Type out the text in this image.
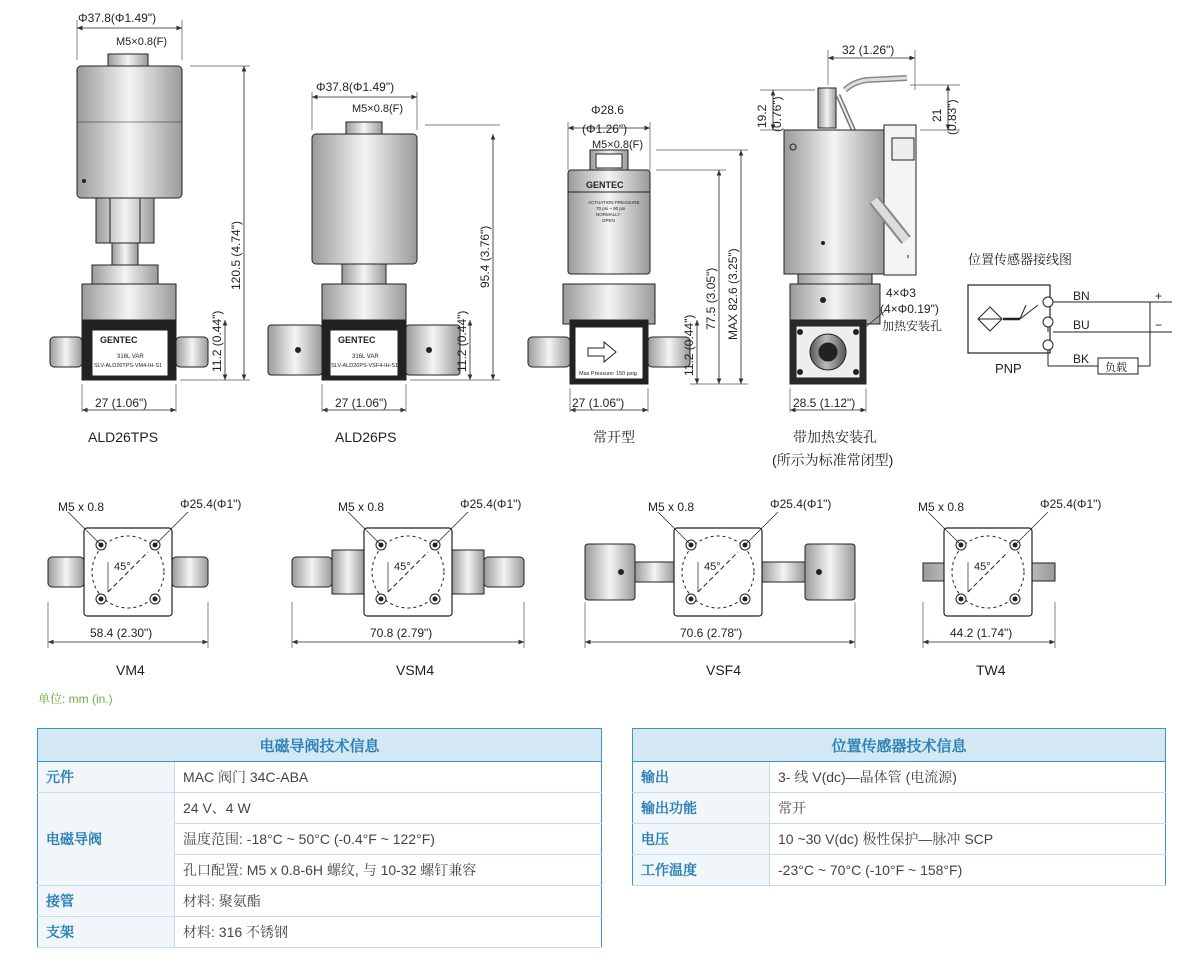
Φ37.8(Φ1.49")
M5×0.8(F)
GENTEC
316L VAR
SLV-ALD26TPS-VM4-IH-S1
120.5 (4.74")
11.2 (0.44")
27 (1.06")
ALD26TPS
Φ37.8(Φ1.49")
M5×0.8(F)
GENTEC
316L VAR
SLV-ALD26PS-VSF4-IH-S1
95.4 (3.76")
11.2 (0.44")
27 (1.06")
ALD26PS
Φ28.6
(Φ1.26")
M5×0.8(F)
GENTEC
ACTUATION PRESSURE
70 psi ~ 90 psi
NORMALLY
OPEN
Max Pressure: 150 psig
MAX 82.6 (3.25")
77.5 (3.05")
11.2 (0.44")
27 (1.06")
常开型
32 (1.26")
19.2 (0.76")	21 (0.83")
4×Φ3
(4×Φ0.19")
加热安装孔
28.5 (1.12")
带加热安装孔
(所示为标准常闭型)
位置传感器接线图
BN
BU
BK
+
−
负载
PNP
M5 x 0.8	Φ25.4(Φ1")
45°
58.4 (2.30")
VM4
M5 x 0.8	Φ25.4(Φ1")
45°
70.8 (2.79")
VSM4
M5 x 0.8	Φ25.4(Φ1")
45°
70.6 (2.78")
VSF4
M5 x 0.8	Φ25.4(Φ1")
45°
44.2 (1.74")
TW4
单位: mm (in.)
电磁导阀技术信息	
元件	MAC 阀门 34C-ABA
电磁导阀	24 V、4 W
	温度范围: -18°C ~ 50°C (-0.4°F ~ 122°F)
	孔口配置: M5 x 0.8-6H 螺纹, 与 10-32 螺钉兼容
接管	材料: 聚氨酯
支架	材料: 316 不锈钢
位置传感器技术信息	
输出	3- 线 V(dc)—晶体管 (电流源)
输出功能	常开
电压	10 ~30 V(dc) 极性保护—脉冲 SCP
工作温度	-23°C ~ 70°C (-10°F ~ 158°F)
